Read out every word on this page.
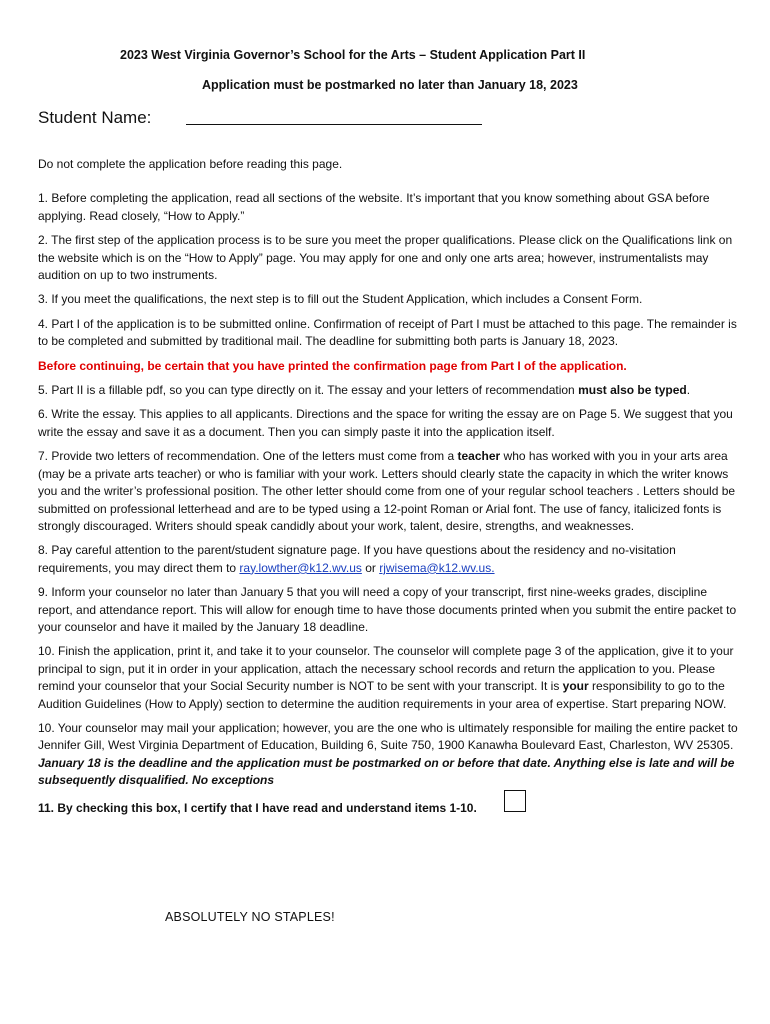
2023 West Virginia Governor’s School for the Arts – Student Application Part II
Application must be postmarked no later than January 18, 2023
Student Name:

Do not complete the application before reading this page.

1. Before completing the application, read all sections of the website. It’s important that you know something about GSA before applying. Read closely, “How to Apply.”

2. The first step of the application process is to be sure you meet the proper qualifications. Please click on the Qualifications link on the website which is on the “How to Apply” page. You may apply for one and only one arts area; however, instrumentalists may audition on up to two instruments.

3. If you meet the qualifications, the next step is to fill out the Student Application, which includes a Consent Form.

4. Part I of the application is to be submitted online. Confirmation of receipt of Part I must be attached to this page. The remainder is to be completed and submitted by traditional mail. The deadline for submitting both parts is January 18, 2023.

Before continuing, be certain that you have printed the confirmation page from Part I of the application.

5. Part II is a fillable pdf, so you can type directly on it. The essay and your letters of recommendation must also be typed.

6. Write the essay. This applies to all applicants. Directions and the space for writing the essay are on Page 5. We suggest that you write the essay and save it as a document. Then you can simply paste it into the application itself.

7. Provide two letters of recommendation. One of the letters must come from a teacher who has worked with you in your arts area (may be a private arts teacher) or who is familiar with your work. Letters should clearly state the capacity in which the writer knows you and the writer’s professional position. The other letter should come from one of your regular school teachers . Letters should be submitted on professional letterhead and are to be typed using a 12-point Roman or Arial font. The use of fancy, italicized fonts is strongly discouraged. Writers should speak candidly about your work, talent, desire, strengths, and weaknesses.

8. Pay careful attention to the parent/student signature page. If you have questions about the residency and no-visitation requirements, you may direct them to ray.lowther@k12.wv.us or rjwisema@k12.wv.us.

9. Inform your counselor no later than January 5 that you will need a copy of your transcript, first nine-weeks grades, discipline report, and attendance report. This will allow for enough time to have those documents printed when you submit the entire packet to your counselor and have it mailed by the January 18 deadline.

10. Finish the application, print it, and take it to your counselor. The counselor will complete page 3 of the application, give it to your principal to sign, put it in order in your application, attach the necessary school records and return the application to you. Please remind your counselor that your Social Security number is NOT to be sent with your transcript. It is your responsibility to go to the Audition Guidelines (How to Apply) section to determine the audition requirements in your area of expertise. Start preparing NOW.

10. Your counselor may mail your application; however, you are the one who is ultimately responsible for mailing the entire packet to Jennifer Gill, West Virginia Department of Education, Building 6, Suite 750, 1900 Kanawha Boulevard East, Charleston, WV 25305. January 18 is the deadline and the application must be postmarked on or before that date. Anything else is late and will be subsequently disqualified. No exceptions

11. By checking this box, I certify that I have read and understand items 1-10.

ABSOLUTELY NO STAPLES!
